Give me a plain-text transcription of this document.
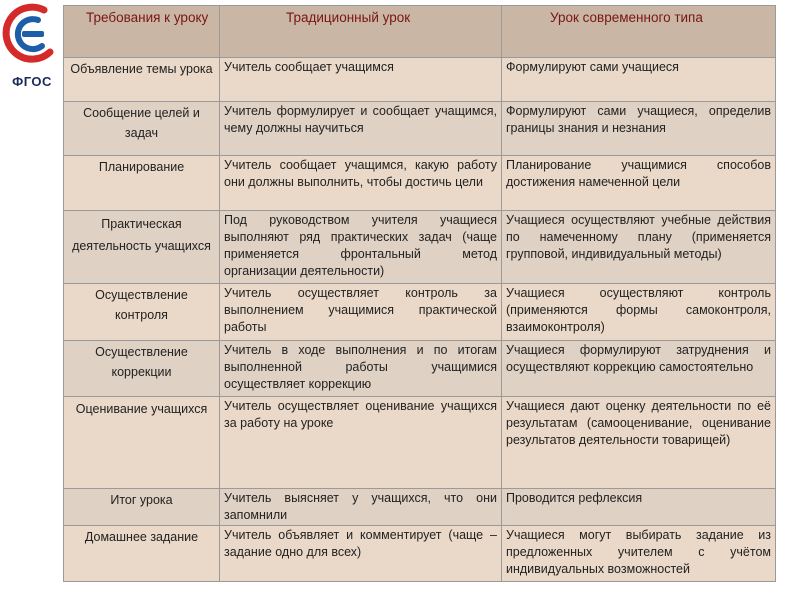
ФГОС
Требования к уроку	Традиционный урок	Урок современного типа
Объявление темы урока	Учитель сообщает учащимся	Формулируют сами учащиеся
Сообщение целей и задач	Учитель формулирует и сообщает учащимся, чему должны научиться	Формулируют сами учащиеся, определив границы знания и незнания
Планирование	Учитель сообщает учащимся, какую работу они должны выполнить, чтобы достичь цели	Планирование учащимися способов достижения намеченной цели
Практическая деятельность учащихся	Под руководством учителя учащиеся выполняют ряд практических задач (чаще применяется фронтальный метод организации деятельности)	Учащиеся осуществляют учебные действия по намеченному плану (применяется групповой, индивидуальный методы)
Осуществление контроля	Учитель осуществляет контроль за выполнением учащимися практической работы	Учащиеся осуществляют контроль (применяются формы самоконтроля, взаимоконтроля)
Осуществление коррекции	Учитель в ходе выполнения и по итогам выполненной работы учащимися осуществляет коррекцию	Учащиеся формулируют затруднения и осуществляют коррекцию самостоятельно
Оценивание учащихся	Учитель осуществляет оценивание учащихся за работу на уроке	Учащиеся дают оценку деятельности по её результатам (самооценивание, оценивание результатов деятельности товарищей)
Итог урока	Учитель выясняет у учащихся, что они запомнили	Проводится рефлексия
Домашнее задание	Учитель объявляет и комментирует (чаще – задание одно для всех)	Учащиеся могут выбирать задание из предложенных учителем с учётом индивидуальных возможностей
